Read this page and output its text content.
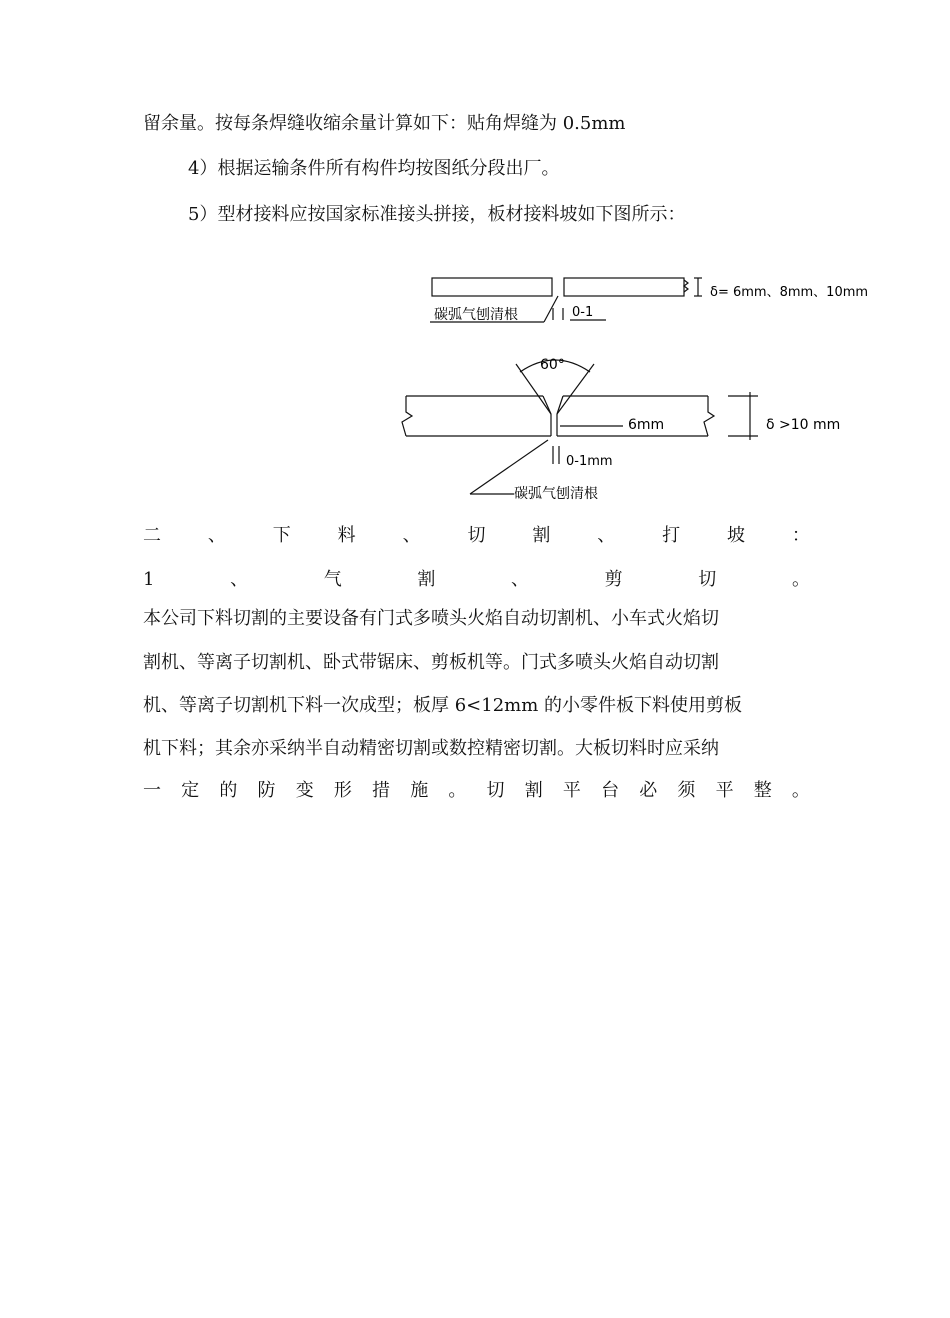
留余量。按每条焊缝收缩余量计算如下：贴角焊缝为 0.5mm
4）根据运输条件所有构件均按图纸分段出厂。
5）型材接料应按国家标准接头拼接，板材接料坡如下图所示：
δ= 6mm、8mm、10mm
碳弧气刨清根	0-1
60°
6mm	δ >10 mm
0-1mm
碳弧气刨清根
二	、	下	料	、	切	割	、	打	坡	：
1	、	气	割	、	剪	切	。
本公司下料切割的主要设备有门式多喷头火焰自动切割机、小车式火焰切
割机、等离子切割机、卧式带锯床、剪板机等。门式多喷头火焰自动切割
机、等离子切割机下料一次成型；板厚 6<12mm 的小零件板下料使用剪板
机下料；其余亦采纳半自动精密切割或数控精密切割。大板切料时应采纳
一 定 的 防 变 形 措 施 。 切 割 平 台 必 须 平 整 。
